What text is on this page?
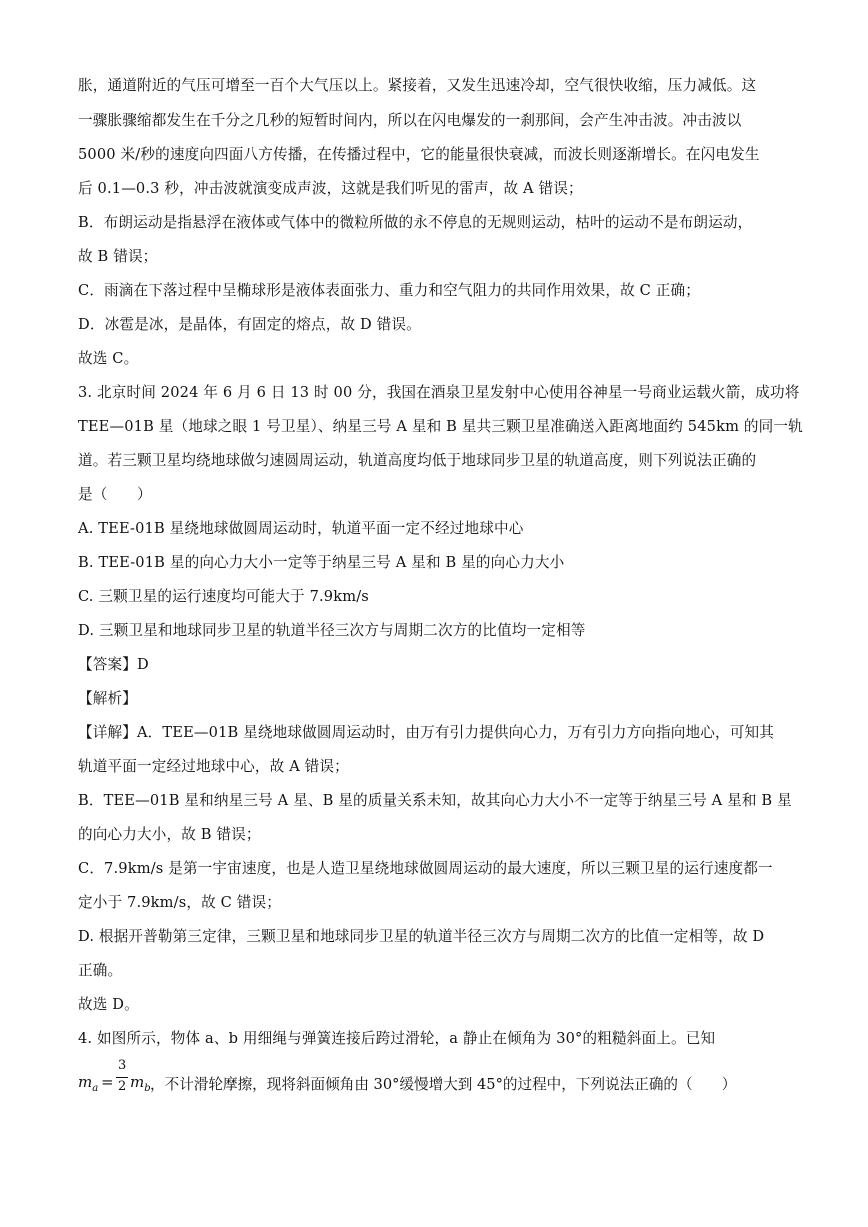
胀，通道附近的气压可增至一百个大气压以上。紧接着，又发生迅速冷却，空气很快收缩，压力减低。这
一骤胀骤缩都发生在千分之几秒的短暂时间内，所以在闪电爆发的一刹那间，会产生冲击波。冲击波以
5000 米/秒的速度向四面八方传播，在传播过程中，它的能量很快衰减，而波长则逐渐增长。在闪电发生
后 0.1—0.3 秒，冲击波就演变成声波，这就是我们听见的雷声，故 A 错误；
B．布朗运动是指悬浮在液体或气体中的微粒所做的永不停息的无规则运动，枯叶的运动不是布朗运动，
故 B 错误；
C．雨滴在下落过程中呈椭球形是液体表面张力、重力和空气阻力的共同作用效果，故 C 正确；
D．冰雹是冰，是晶体，有固定的熔点，故 D 错误。
故选 C。
3. 北京时间 2024 年 6 月 6 日 13 时 00 分，我国在酒泉卫星发射中心使用谷神星一号商业运载火箭，成功将
TEE—01B 星（地球之眼 1 号卫星）、纳星三号 A 星和 B 星共三颗卫星准确送入距离地面约 545km 的同一轨
道。若三颗卫星均绕地球做匀速圆周运动，轨道高度均低于地球同步卫星的轨道高度，则下列说法正确的
是（　　）
A. TEE-01B 星绕地球做圆周运动时，轨道平面一定不经过地球中心
B. TEE-01B 星的向心力大小一定等于纳星三号 A 星和 B 星的向心力大小
C. 三颗卫星的运行速度均可能大于 7.9km/s
D. 三颗卫星和地球同步卫星的轨道半径三次方与周期二次方的比值均一定相等
【答案】D
【解析】
【详解】A．TEE—01B 星绕地球做圆周运动时，由万有引力提供向心力，万有引力方向指向地心，可知其
轨道平面一定经过地球中心，故 A 错误；
B．TEE—01B 星和纳星三号 A 星、B 星的质量关系未知，故其向心力大小不一定等于纳星三号 A 星和 B 星
的向心力大小，故 B 错误；
C．7.9km/s 是第一宇宙速度，也是人造卫星绕地球做圆周运动的最大速度，所以三颗卫星的运行速度都一
定小于 7.9km/s，故 C 错误；
D. 根据开普勒第三定律，三颗卫星和地球同步卫星的轨道半径三次方与周期二次方的比值一定相等，故 D
正确。
故选 D。
4. 如图所示，物体 a、b 用细绳与弹簧连接后跨过滑轮，a 静止在倾角为 30°的粗糙斜面上。已知
$m_a$ =
3
2 $m_b$ ，不计滑轮摩擦，现将斜面倾角由 30°缓慢增大到 45°的过程中，下列说法正确的（　　）
